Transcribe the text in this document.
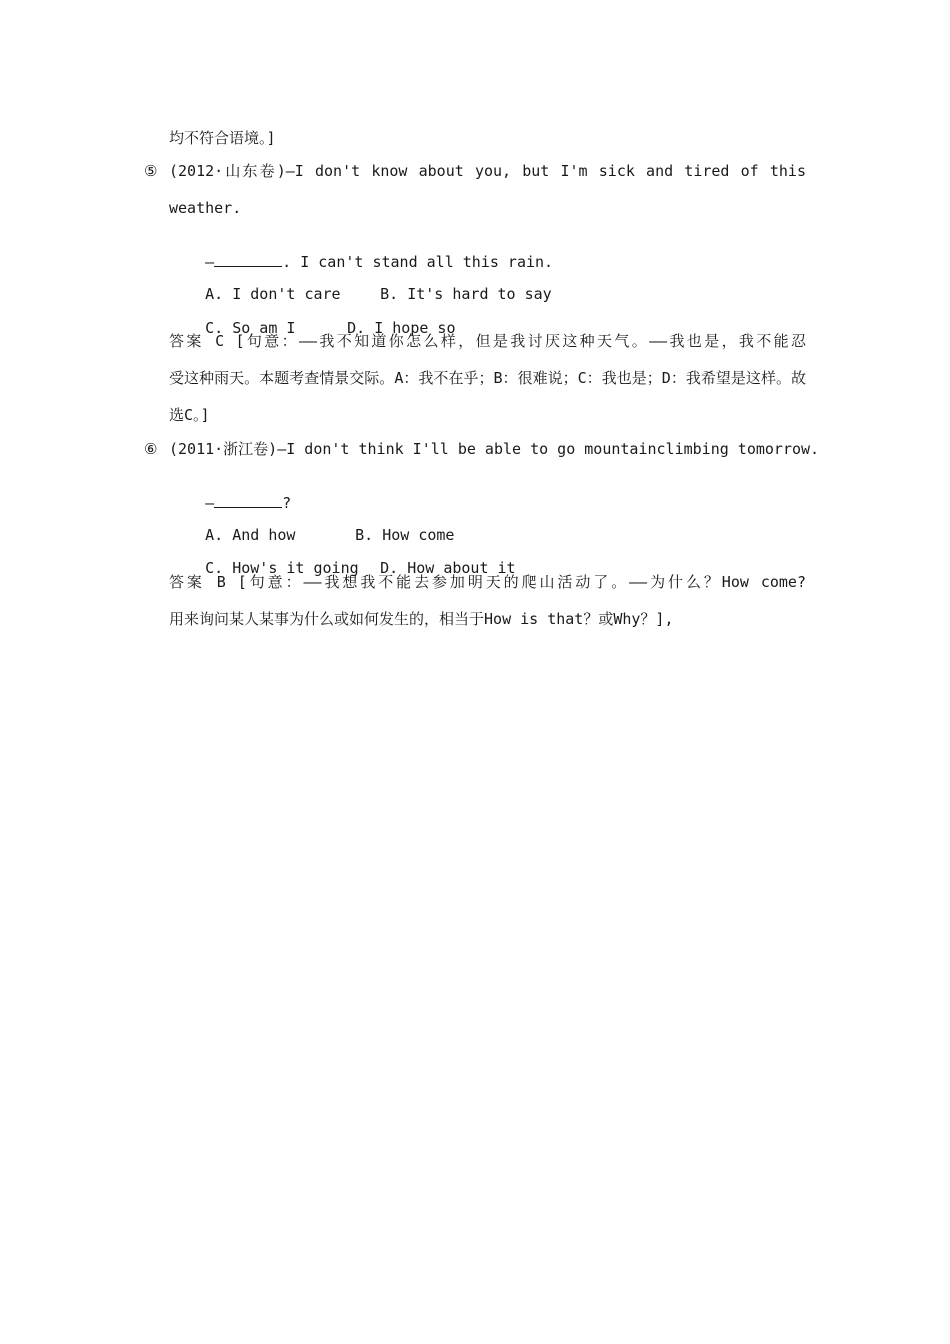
均不符合语境。]
⑤ (2012·山东卷)—I don't know about you, but I'm sick and tired of this
weather.

—	. I can't stand all this rain.

A. I don't care	B. It's hard to say

C. So am I	D. I hope so

答案 C [句意：——我不知道你怎么样，但是我讨厌这种天气。——我也是，我不能忍
受这种雨天。本题考查情景交际。A：我不在乎；B：很难说；C：我也是；D：我希望是这样。故
选C。]
⑥ (2011·浙江卷)—I don't think I'll be able to go mountainclimbing tomorrow.

—	?

A. And how	B. How come

C. How's it going D. How about it

答案 B [句意：——我想我不能去参加明天的爬山活动了。——为什么？How come?
用来询问某人某事为什么或如何发生的，相当于How is that？或Why？],
